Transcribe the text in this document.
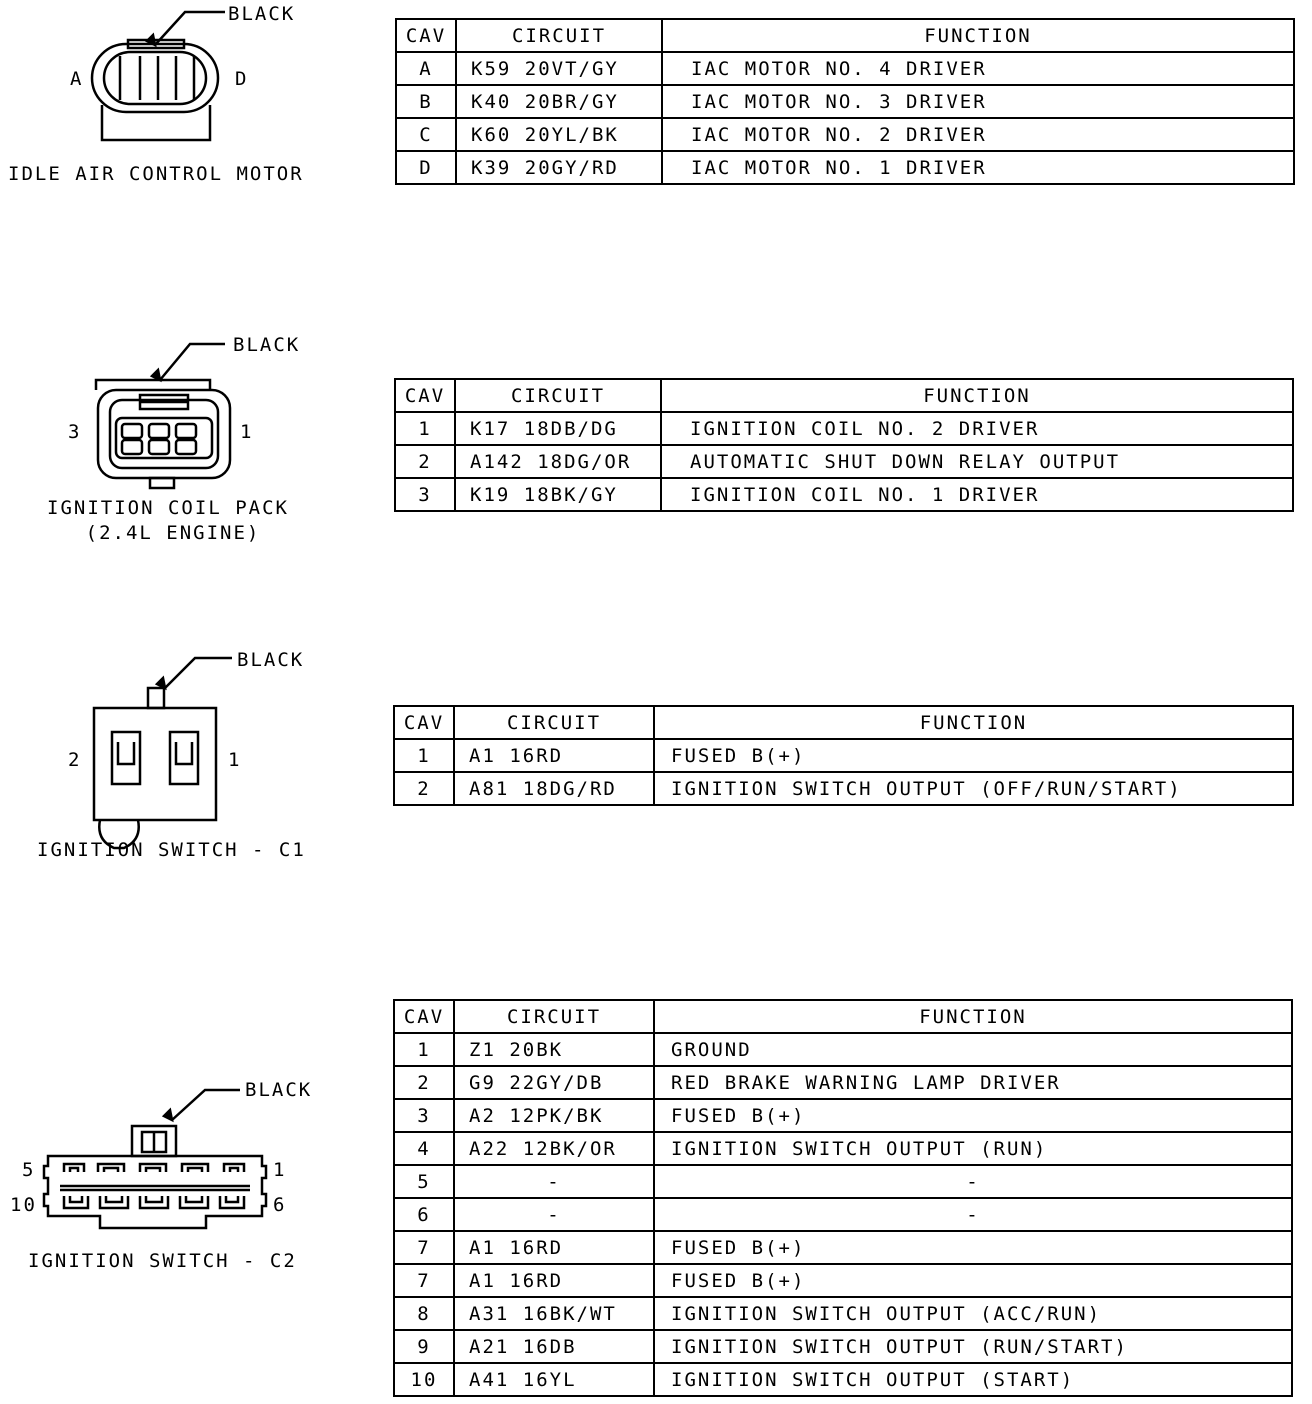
BLACK
A	D
IDLE AIR CONTROL MOTOR
CAV	CIRCUIT	FUNCTION
A	K59 20VT/GY	IAC MOTOR NO. 4 DRIVER
B	K40 20BR/GY	IAC MOTOR NO. 3 DRIVER
C	K60 20YL/BK	IAC MOTOR NO. 2 DRIVER
D	K39 20GY/RD	IAC MOTOR NO. 1 DRIVER
BLACK
3	1
IGNITION COIL PACK
(2.4L ENGINE)
CAV	CIRCUIT	FUNCTION
1	K17 18DB/DG	IGNITION COIL NO. 2 DRIVER
2	A142 18DG/OR	AUTOMATIC SHUT DOWN RELAY OUTPUT
3	K19 18BK/GY	IGNITION COIL NO. 1 DRIVER
BLACK
2	1
IGNITION SWITCH - C1
CAV	CIRCUIT	FUNCTION
1	A1 16RD	FUSED B(+)
2	A81 18DG/RD	IGNITION SWITCH OUTPUT (OFF/RUN/START)
BLACK
5	1
10	6
IGNITION SWITCH - C2
CAV	CIRCUIT	FUNCTION
1	Z1 20BK	GROUND
2	G9 22GY/DB	RED BRAKE WARNING LAMP DRIVER
3	A2 12PK/BK	FUSED B(+)
4	A22 12BK/OR	IGNITION SWITCH OUTPUT (RUN)
5	-	-
6	-	-
7	A1 16RD	FUSED B(+)
7	A1 16RD	FUSED B(+)
8	A31 16BK/WT	IGNITION SWITCH OUTPUT (ACC/RUN)
9	A21 16DB	IGNITION SWITCH OUTPUT (RUN/START)
10	A41 16YL	IGNITION SWITCH OUTPUT (START)
